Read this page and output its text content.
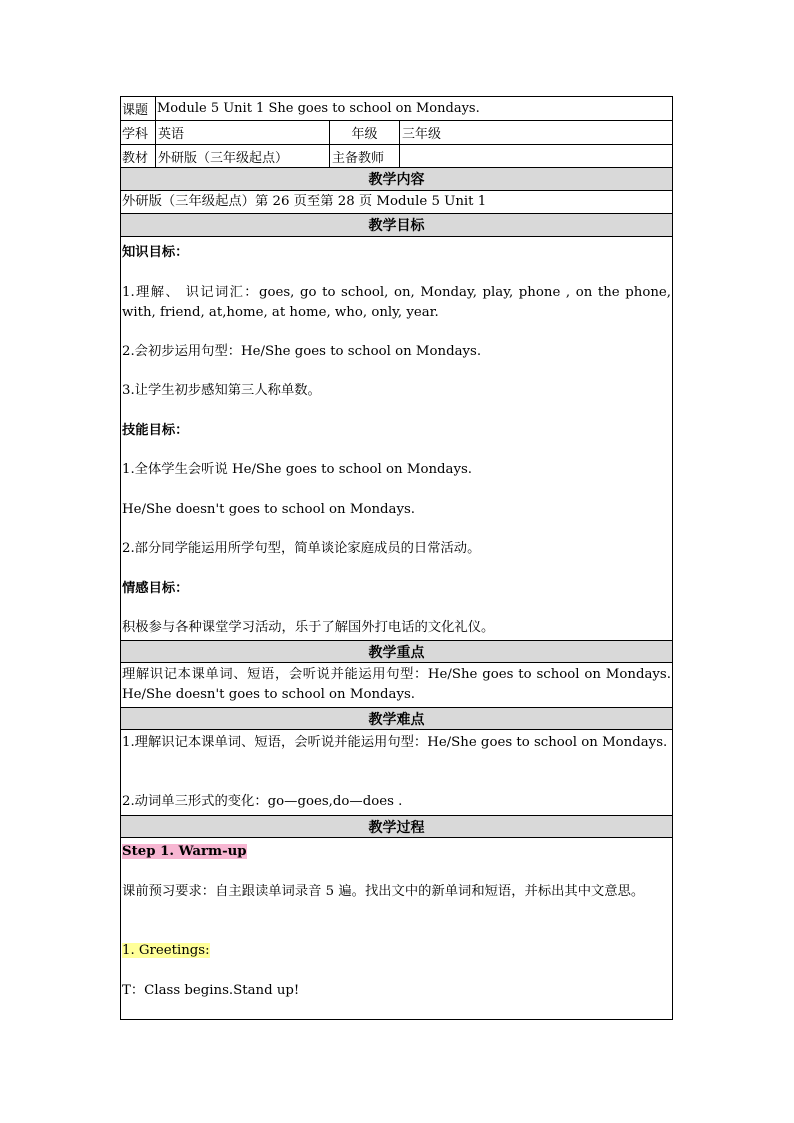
课题 Module 5 Unit 1 She goes to school on Mondays.
学科 英语	年级	三年级
教材 外研版（三年级起点）	主备教师
教学内容
外研版（三年级起点）第 26 页至第 28 页 Module 5 Unit 1
教学目标
知识目标：
1.理解、 识记词汇：goes, go to school, on, Monday, play, phone , on the phone, with, friend, at,home, at home, who, only, year.
2.会初步运用句型：He/She goes to school on Mondays.
3.让学生初步感知第三人称单数。
技能目标：
1.全体学生会听说 He/She goes to school on Mondays.
He/She doesn't goes to school on Mondays.
2.部分同学能运用所学句型，简单谈论家庭成员的日常活动。
情感目标：
积极参与各种课堂学习活动，乐于了解国外打电话的文化礼仪。
教学重点
理解识记本课单词、短语，会听说并能运用句型：He/She goes to school on Mondays. He/She doesn't goes to school on Mondays.
教学难点
1.理解识记本课单词、短语，会听说并能运用句型：He/She goes to school on Mondays.
2.动词单三形式的变化：go—goes,do—does .
教学过程
Step 1. Warm-up
课前预习要求：自主跟读单词录音 5 遍。找出文中的新单词和短语，并标出其中文意思。
1. Greetings:
T：Class begins.Stand up!
